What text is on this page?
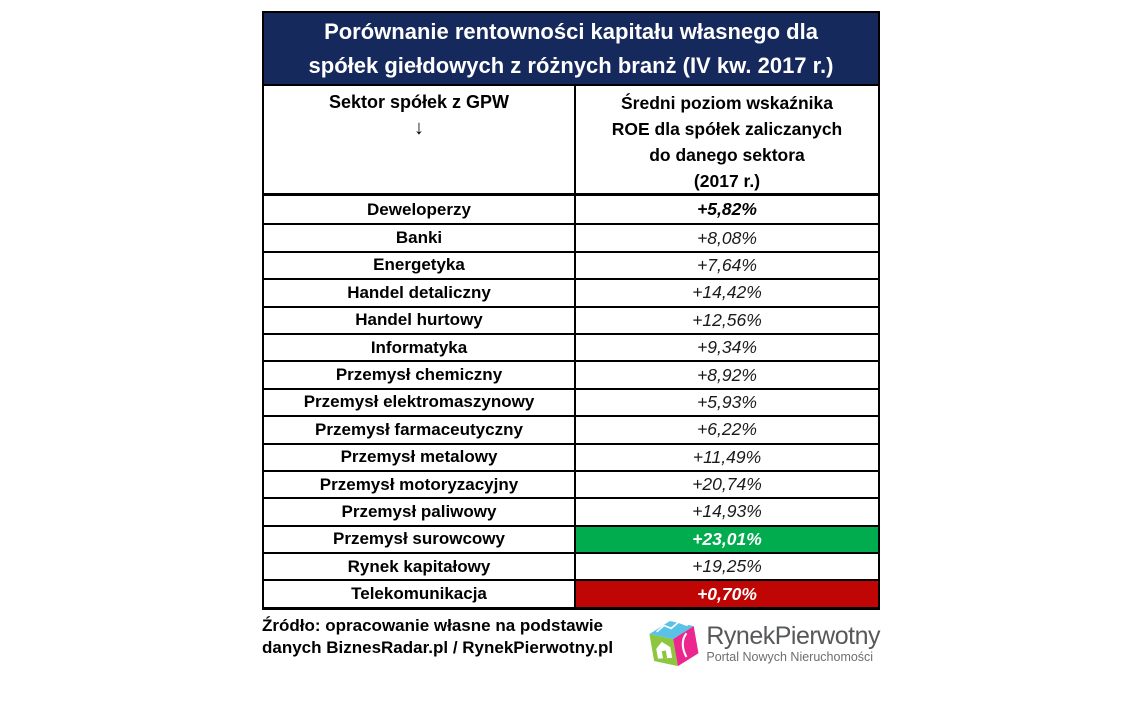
Porównanie rentowności kapitału własnego dla
spółek giełdowych z różnych branż (IV kw. 2017 r.)
Sektor spółek z GPW
↓
Średni poziom wskaźnika
ROE dla spółek zaliczanych
do danego sektora
(2017 r.)
Deweloperzy	+5,82%
Banki	+8,08%
Energetyka	+7,64%
Handel detaliczny	+14,42%
Handel hurtowy	+12,56%
Informatyka	+9,34%
Przemysł chemiczny	+8,92%
Przemysł elektromaszynowy	+5,93%
Przemysł farmaceutyczny	+6,22%
Przemysł metalowy	+11,49%
Przemysł motoryzacyjny	+20,74%
Przemysł paliwowy	+14,93%
Przemysł surowcowy	+23,01%
Rynek kapitałowy	+19,25%
Telekomunikacja	+0,70%
Źródło: opracowanie własne na podstawie
danych BiznesRadar.pl / RynekPierwotny.pl	RynekPierwotny
Portal Nowych Nieruchomości
